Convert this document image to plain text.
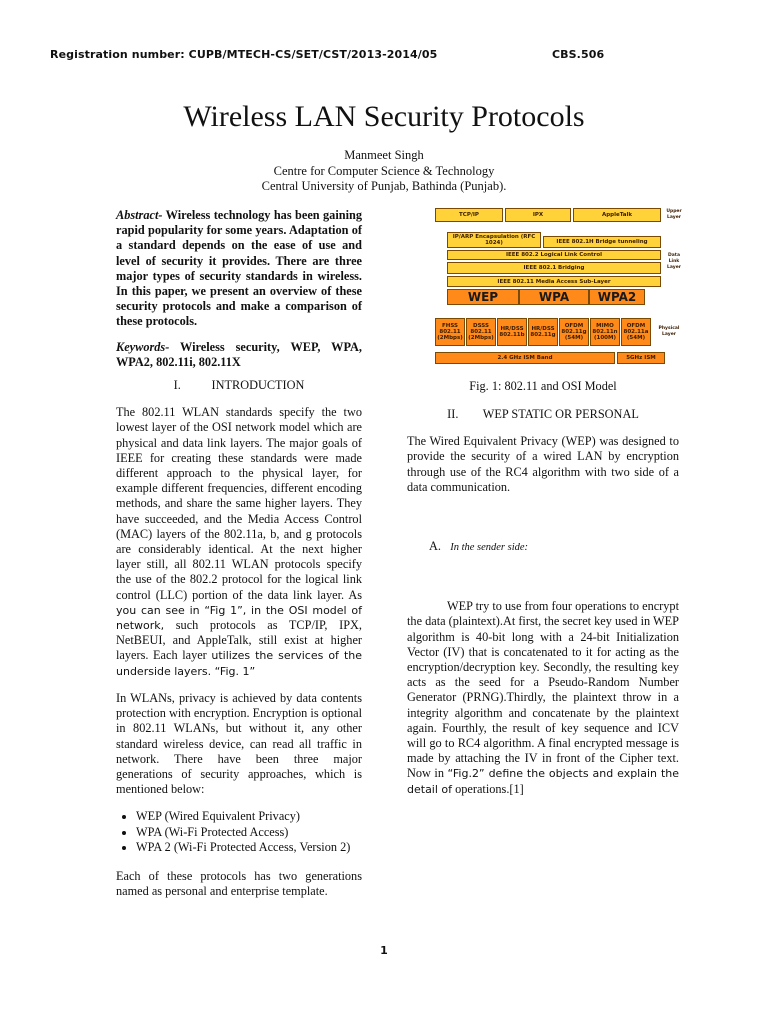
Registration number: CUPB/MTECH-CS/SET/CST/2013-2014/05	CBS.506
Wireless LAN Security Protocols
Manmeet Singh
Centre for Computer Science & Technology
Central University of Punjab, Bathinda (Punjab).

Abstract- Wireless technology has been gaining rapid popularity for some years. Adaptation of a standard depends on the ease of use and level of security it provides. There are three major types of security standards in wireless. In this paper, we present an overview of these security protocols and make a comparison of these protocols.

Keywords- Wireless security, WEP, WPA, WPA2, 802.11i, 802.11X

I.          INTRODUCTION

The 802.11 WLAN standards specify the two lowest layer of the OSI network model which are physical and data link layers. The major goals of IEEE for creating these standards were made different approach to the physical layer, for example different frequencies, different encoding methods, and share the same higher layers. They have succeeded, and the Media Access Control (MAC) layers of the 802.11a, b, and g protocols are considerably identical. At the next higher layer still, all 802.11 WLAN protocols specify the use of the 802.2 protocol for the logical link control (LLC) portion of the data link layer. As you can see in “Fig 1”, in the OSI model of network, such protocols as TCP/IP, IPX, NetBEUI, and AppleTalk, still exist at higher layers. Each layer utilizes the services of the underside layers. “Fig. 1”

In WLANs, privacy is achieved by data contents protection with encryption. Encryption is optional in 802.11 WLANs, but without it, any other standard wireless device, can read all traffic in network. There have been three major generations of security approaches, which is mentioned below:

• WEP (Wired Equivalent Privacy)
• WPA (Wi-Fi Protected Access)
• WPA 2 (Wi-Fi Protected Access, Version 2)

Each of these protocols has two generations named as personal and enterprise template.

TCP/IP	IPX	AppleTalk
Upper Layer
IP/ARP Encapsulation (RFC 1024)	IEEE 802.1H Bridge tunneling
IEEE 802.2 Logical Link Control
IEEE 802.1 Bridging
IEEE 802.11 Media Access Sub-Layer
Data Link Layer
WEP	WPA	WPA2
FHSS 802.11 (2Mbps)
DSSS 802.11 (2Mbps)
HR/DSS 802.11b
HR/DSS 802.11g
OFDM 802.11g (54M)
MIMO 802.11n (100M)
OFDM 802.11a (54M)
Physical Layer
2.4 GHz ISM Band	5GHz ISM
Fig. 1: 802.11 and OSI Model

II.        WEP STATIC OR PERSONAL

The Wired Equivalent Privacy (WEP) was designed to provide the security of a wired LAN by encryption through use of the RC4 algorithm with two side of a data communication.

A. In the sender side:

WEP try to use from four operations to encrypt the data (plaintext).At first, the secret key used in WEP algorithm is 40-bit long with a 24-bit Initialization Vector (IV) that is concatenated to it for acting as the encryption/decryption key. Secondly, the resulting key acts as the seed for a Pseudo-Random Number Generator (PRNG).Thirdly, the plaintext throw in a integrity algorithm and concatenate by the plaintext again. Fourthly, the result of key sequence and ICV will go to RC4 algorithm. A final encrypted message is made by attaching the IV in front of the Cipher text. Now in “Fig.2” define the objects and explain the detail of operations.[1]

1
